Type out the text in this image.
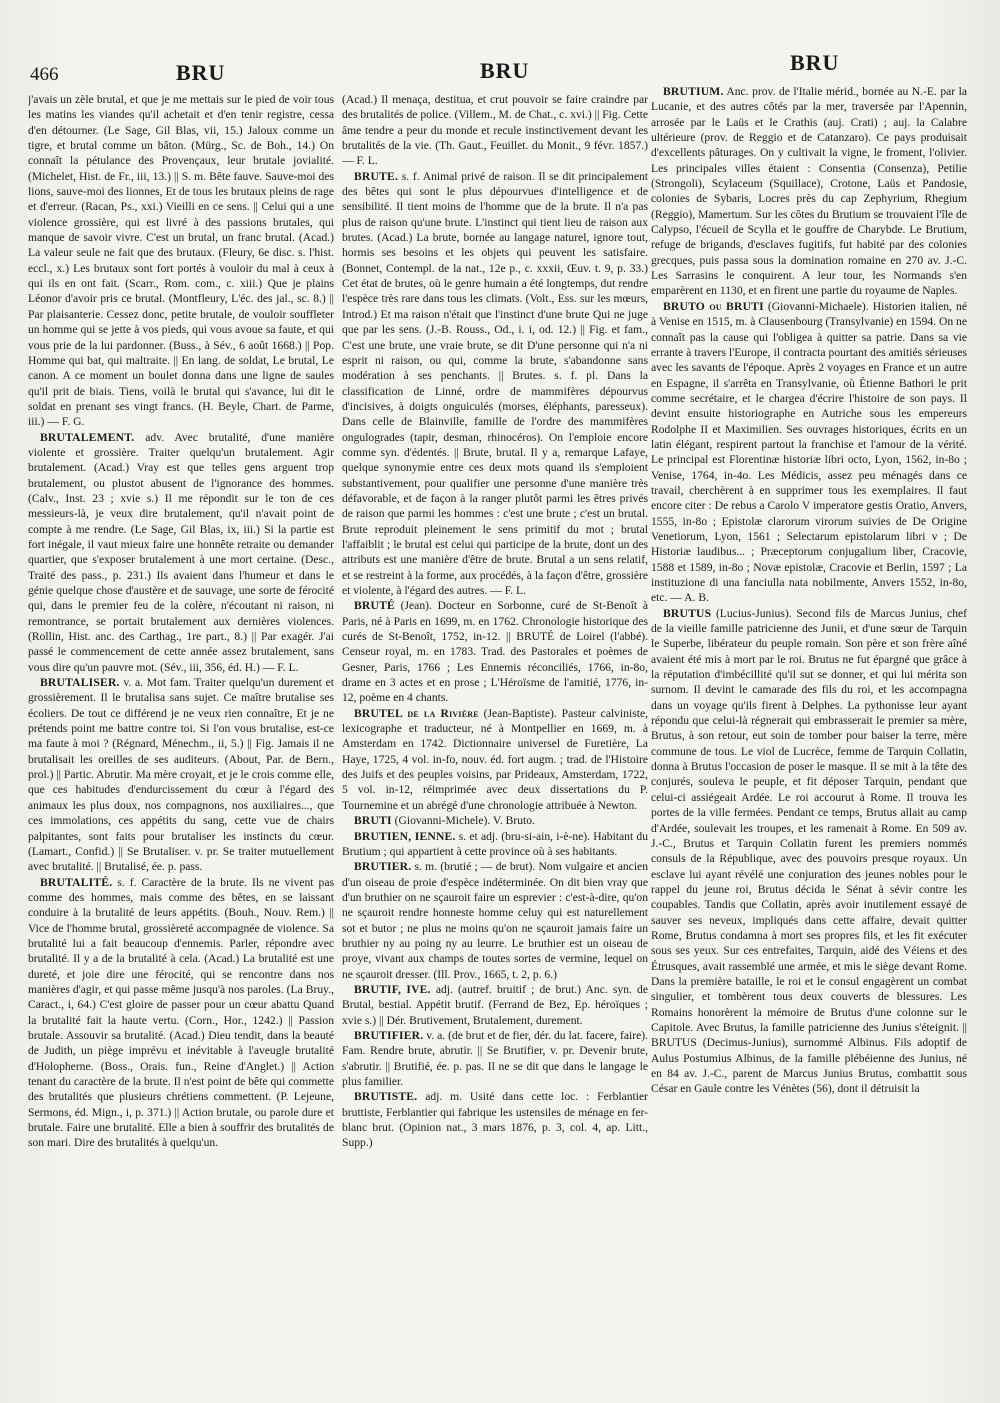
466	BRU	BRU	BRU

j'avais un zèle brutal, et que je me mettais sur le pied de voir tous les matins les viandes qu'il achetait et d'en tenir registre, cessa d'en détourner. (Le Sage, Gil Blas, vii, 15.) Jaloux comme un tigre, et brutal comme un bâton. (Mürg., Sc. de Boh., 14.) On connaît la pétulance des Provençaux, leur brutale jovialité. (Michelet, Hist. de Fr., iii, 13.) || S. m. Bête fauve. Sauve-moi des lions, sauve-moi des lionnes, Et de tous les brutaux pleins de rage et d'erreur. (Racan, Ps., xxi.) Vieilli en ce sens. || Celui qui a une violence grossière, qui est livré à des passions brutales, qui manque de savoir vivre. C'est un brutal, un franc brutal. (Acad.) La valeur seule ne fait que des brutaux. (Fleury, 6e disc. s. l'hist. eccl., x.) Les brutaux sont fort portés à vouloir du mal à ceux à qui ils en ont fait. (Scarr., Rom. com., c. xiii.) Que je plains Léonor d'avoir pris ce brutal. (Montfleury, L'éc. des jal., sc. 8.) || Par plaisanterie. Cessez donc, petite brutale, de vouloir souffleter un homme qui se jette à vos pieds, qui vous avoue sa faute, et qui vous prie de la lui pardonner. (Buss., à Sév., 6 août 1668.) || Pop. Homme qui bat, qui maltraite. || En lang. de soldat, Le brutal, Le canon. A ce moment un boulet donna dans une ligne de saules qu'il prit de biais. Tiens, voilà le brutal qui s'avance, lui dit le soldat en prenant ses vingt francs. (H. Beyle, Chart. de Parme, iii.) — F. G.

BRUTALEMENT. adv. Avec brutalité, d'une manière violente et grossière. Traiter quelqu'un brutalement. Agir brutalement. (Acad.) Vray est que telles gens arguent trop brutalement, ou plustot abusent de l'ignorance des hommes. (Calv., Inst. 23 ; xvie s.) Il me répondit sur le ton de ces messieurs-là, je veux dire brutalement, qu'il n'avait point de compte à me rendre. (Le Sage, Gil Blas, ix, iii.) Si la partie est fort inégale, il vaut mieux faire une honnête retraite ou demander quartier, que s'exposer brutalement à une mort certaine. (Desc., Traité des pass., p. 231.) Ils avaient dans l'humeur et dans le génie quelque chose d'austère et de sauvage, une sorte de férocité qui, dans le premier feu de la colère, n'écoutant ni raison, ni remontrance, se portait brutalement aux dernières violences. (Rollin, Hist. anc. des Carthag., 1re part., 8.) || Par exagér. J'ai passé le commencement de cette année assez brutalement, sans vous dire qu'un pauvre mot. (Sév., iii, 356, éd. H.) — F. L.

BRUTALISER. v. a. Mot fam. Traiter quelqu'un durement et grossièrement. Il le brutalisa sans sujet. Ce maître brutalise ses écoliers. De tout ce différend je ne veux rien connaître, Et je ne prétends point me battre contre toi. Si l'on vous brutalise, est-ce ma faute à moi ? (Régnard, Ménechm., ii, 5.) || Fig. Jamais il ne brutalisait les oreilles de ses auditeurs. (About, Par. de Bern., prol.) || Partic. Abrutir. Ma mère croyait, et je le crois comme elle, que ces habitudes d'endurcissement du cœur à l'égard des animaux les plus doux, nos compagnons, nos auxiliaires..., que ces immolations, ces appétits du sang, cette vue de chairs palpitantes, sont faits pour brutaliser les instincts du cœur. (Lamart., Confid.) || Se Brutaliser. v. pr. Se traiter mutuellement avec brutalité. || Brutalisé, ée. p. pass.

BRUTALITÉ. s. f. Caractère de la brute. Ils ne vivent pas comme des hommes, mais comme des bêtes, en se laissant conduire à la brutalité de leurs appétits. (Bouh., Nouv. Rem.) || Vice de l'homme brutal, grossièreté accompagnée de violence. Sa brutalité lui a fait beaucoup d'ennemis. Parler, répondre avec brutalité. Il y a de la brutalité à cela. (Acad.) La brutalité est une dureté, et joie dire une férocité, qui se rencontre dans nos manières d'agir, et qui passe même jusqu'à nos paroles. (La Bruy., Caract., i, 64.) C'est gloire de passer pour un cœur abattu Quand la brutalité fait la haute vertu. (Corn., Hor., 1242.) || Passion brutale. Assouvir sa brutalité. (Acad.) Dieu tendit, dans la beauté de Judith, un piège imprévu et inévitable à l'aveugle brutalité d'Holopherne. (Boss., Orais. fun., Reine d'Anglet.) || Action tenant du caractère de la brute. Il n'est point de bête qui commette des brutalités que plusieurs chrétiens commettent. (P. Lejeune, Sermons, éd. Mign., i, p. 371.) || Action brutale, ou parole dure et brutale. Faire une brutalité. Elle a bien à souffrir des brutalités de son mari. Dire des brutalités à quelqu'un.

(Acad.) Il menaça, destitua, et crut pouvoir se faire craindre par des brutalités de police. (Villem., M. de Chat., c. xvi.) || Fig. Cette âme tendre a peur du monde et recule instinctivement devant les brutalités de la vie. (Th. Gaut., Feuillet. du Monit., 9 févr. 1857.) — F. L.

BRUTE. s. f. Animal privé de raison. Il se dit principalement des bêtes qui sont le plus dépourvues d'intelligence et de sensibilité. Il tient moins de l'homme que de la brute. Il n'a pas plus de raison qu'une brute. L'instinct qui tient lieu de raison aux brutes. (Acad.) La brute, bornée au langage naturel, ignore tout, hormis ses besoins et les objets qui peuvent les satisfaire. (Bonnet, Contempl. de la nat., 12e p., c. xxxii, Œuv. t. 9, p. 33.) Cet état de brutes, où le genre humain a été longtemps, dut rendre l'espèce très rare dans tous les climats. (Volt., Ess. sur les mœurs, Introd.) Et ma raison n'était que l'instinct d'une brute Qui ne juge que par les sens. (J.-B. Rouss., Od., i. i, od. 12.) || Fig. et fam., C'est une brute, une vraie brute, se dit D'une personne qui n'a ni esprit ni raison, ou qui, comme la brute, s'abandonne sans modération à ses penchants. || Brutes. s. f. pl. Dans la classification de Linné, ordre de mammifères dépourvus d'incisives, à doigts onguiculés (morses, éléphants, paresseux). Dans celle de Blainville, famille de l'ordre des mammifères ongulogrades (tapir, desman, rhinocéros). On l'emploie encore comme syn. d'édentés. || Brute, brutal. Il y a, remarque Lafaye, quelque synonymie entre ces deux mots quand ils s'emploient substantivement, pour qualifier une personne d'une manière très défavorable, et de façon à la ranger plutôt parmi les êtres privés de raison que parmi les hommes : c'est une brute ; c'est un brutal. Brute reproduit pleinement le sens primitif du mot ; brutal l'affaiblit ; le brutal est celui qui participe de la brute, dont un des attributs est une manière d'être de brute. Brutal a un sens relatif, et se restreint à la forme, aux procédés, à la façon d'être, grossière et violente, à l'égard des autres. — F. L.

BRUTÉ (Jean). Docteur en Sorbonne, curé de St-Benoît à Paris, né à Paris en 1699, m. en 1762. Chronologie historique des curés de St-Benoît, 1752, in-12. || BRUTÉ de Loirel (l'abbé). Censeur royal, m. en 1783. Trad. des Pastorales et poèmes de Gesner, Paris, 1766 ; Les Ennemis réconciliés, 1766, in-8o, drame en 3 actes et en prose ; L'Héroïsme de l'amitié, 1776, in-12, poème en 4 chants.

BRUTEL de la Rivière (Jean-Baptiste). Pasteur calviniste, lexicographe et traducteur, né à Montpellier en 1669, m. à Amsterdam en 1742. Dictionnaire universel de Furetière, La Haye, 1725, 4 vol. in-fo, nouv. éd. fort augm. ; trad. de l'Histoire des Juifs et des peuples voisins, par Prideaux, Amsterdam, 1722, 5 vol. in-12, réimprimée avec deux dissertations du P. Tournemine et un abrégé d'une chronologie attribuée à Newton.

BRUTI (Giovanni-Michele). V. Bruto.

BRUTIEN, IENNE. s. et adj. (bru-si-ain, i-è-ne). Habitant du Brutium ; qui appartient à cette province où à ses habitants.

BRUTIER. s. m. (brutié ; — de brut). Nom vulgaire et ancien d'un oiseau de proie d'espèce indéterminée. On dit bien vray que d'un bruthier on ne sçauroit faire un esprevier : c'est-à-dire, qu'on ne sçauroit rendre honneste homme celuy qui est naturellement sot et butor ; ne plus ne moins qu'on ne sçauroit jamais faire un bruthier ny au poing ny au leurre. Le bruthier est un oiseau de proye, vivant aux champs de toutes sortes de vermine, lequel on ne sçauroit dresser. (Ill. Prov., 1665, t. 2, p. 6.)

BRUTIF, IVE. adj. (autref. bruitif ; de brut.) Anc. syn. de Brutal, bestial. Appétit brutif. (Ferrand de Bez, Ep. héroïques ; xvie s.) || Dér. Brutivement, Brutalement, durement.

BRUTIFIER. v. a. (de brut et de fier, dér. du lat. facere, faire). Fam. Rendre brute, abrutir. || Se Brutifier, v. pr. Devenir brute, s'abrutir. || Brutifié, ée. p. pas. Il ne se dit que dans le langage le plus familier.

BRUTISTE. adj. m. Usité dans cette loc. : Ferblantier bruttiste, Ferblantier qui fabrique les ustensiles de ménage en fer-blanc brut. (Opinion nat., 3 mars 1876, p. 3, col. 4, ap. Litt., Supp.)

BRUTIUM. Anc. prov. de l'Italie mérid., bornée au N.-E. par la Lucanie, et des autres côtés par la mer, traversée par l'Apennin, arrosée par le Laüs et le Crathis (auj. Crati) ; auj. la Calabre ultérieure (prov. de Reggio et de Catanzaro). Ce pays produisait d'excellents pâturages. On y cultivait la vigne, le froment, l'olivier. Les principales villes étaient : Consentia (Consenza), Petilie (Strongoli), Scylaceum (Squillace), Crotone, Laüs et Pandosie, colonies de Sybaris, Locres près du cap Zephyrium, Rhegium (Reggio), Mamertum. Sur les côtes du Brutium se trouvaient l'île de Calypso, l'écueil de Scylla et le gouffre de Charybde. Le Brutium, refuge de brigands, d'esclaves fugitifs, fut habité par des colonies grecques, puis passa sous la domination romaine en 270 av. J.-C. Les Sarrasins le conquirent. A leur tour, les Normands s'en emparèrent en 1130, et en firent une partie du royaume de Naples.

BRUTO ou BRUTI (Giovanni-Michaele). Historien italien, né à Venise en 1515, m. à Clausenbourg (Transylvanie) en 1594. On ne connaît pas la cause qui l'obligea à quitter sa patrie. Dans sa vie errante à travers l'Europe, il contracta pourtant des amitiés sérieuses avec les savants de l'époque. Après 2 voyages en France et un autre en Espagne, il s'arrêta en Transylvanie, où Étienne Bathori le prit comme secrétaire, et le chargea d'écrire l'histoire de son pays. Il devint ensuite historiographe en Autriche sous les empereurs Rodolphe II et Maximilien. Ses ouvrages historiques, écrits en un latin élégant, respirent partout la franchise et l'amour de la vérité. Le principal est Florentinæ historiæ libri octo, Lyon, 1562, in-8o ; Venise, 1764, in-4o. Les Médicis, assez peu ménagés dans ce travail, cherchèrent à en supprimer tous les exemplaires. Il faut encore citer : De rebus a Carolo V imperatore gestis Oratio, Anvers, 1555, in-8o ; Epistolæ clarorum virorum suivies de De Origine Venetiorum, Lyon, 1561 ; Selectarum epistolarum libri v ; De Historiæ laudibus... ; Præceptorum conjugalium liber, Cracovie, 1588 et 1589, in-8o ; Novæ epistolæ, Cracovie et Berlin, 1597 ; La instituzione di una fanciulla nata nobilmente, Anvers 1552, in-8o, etc. — A. B.

BRUTUS (Lucius-Junius). Second fils de Marcus Junius, chef de la vieille famille patricienne des Junii, et d'une sœur de Tarquin le Superbe, libérateur du peuple romain. Son père et son frère aîné avaient été mis à mort par le roi. Brutus ne fut épargné que grâce à la réputation d'imbécillité qu'il sut se donner, et qui lui mérita son surnom. Il devint le camarade des fils du roi, et les accompagna dans un voyage qu'ils firent à Delphes. La pythonisse leur ayant répondu que celui-là régnerait qui embrasserait le premier sa mère, Brutus, à son retour, eut soin de tomber pour baiser la terre, mère commune de tous. Le viol de Lucrèce, femme de Tarquin Collatin, donna à Brutus l'occasion de poser le masque. Il se mit à la tête des conjurés, souleva le peuple, et fit déposer Tarquin, pendant que celui-ci assiégeait Ardée. Le roi accourut à Rome. Il trouva les portes de la ville fermées. Pendant ce temps, Brutus allait au camp d'Ardée, soulevait les troupes, et les ramenait à Rome. En 509 av. J.-C., Brutus et Tarquin Collatin furent les premiers nommés consuls de la République, avec des pouvoirs presque royaux. Un esclave lui ayant révélé une conjuration des jeunes nobles pour le rappel du jeune roi, Brutus décida le Sénat à sévir contre les coupables. Tandis que Collatin, après avoir inutilement essayé de sauver ses neveux, impliqués dans cette affaire, devait quitter Rome, Brutus condamna à mort ses propres fils, et les fit exécuter sous ses yeux. Sur ces entrefaites, Tarquin, aidé des Véiens et des Étrusques, avait rassemblé une armée, et mis le siège devant Rome. Dans la première bataille, le roi et le consul engagèrent un combat singulier, et tombèrent tous deux couverts de blessures. Les Romains honorèrent la mémoire de Brutus d'une colonne sur le Capitole. Avec Brutus, la famille patricienne des Junius s'éteignit. || BRUTUS (Decimus-Junius), surnommé Albinus. Fils adoptif de Aulus Postumius Albinus, de la famille plébéienne des Junius, né en 84 av. J.-C., parent de Marcus Junius Brutus, combattit sous César en Gaule contre les Vénètes (56), dont il détruisit la
